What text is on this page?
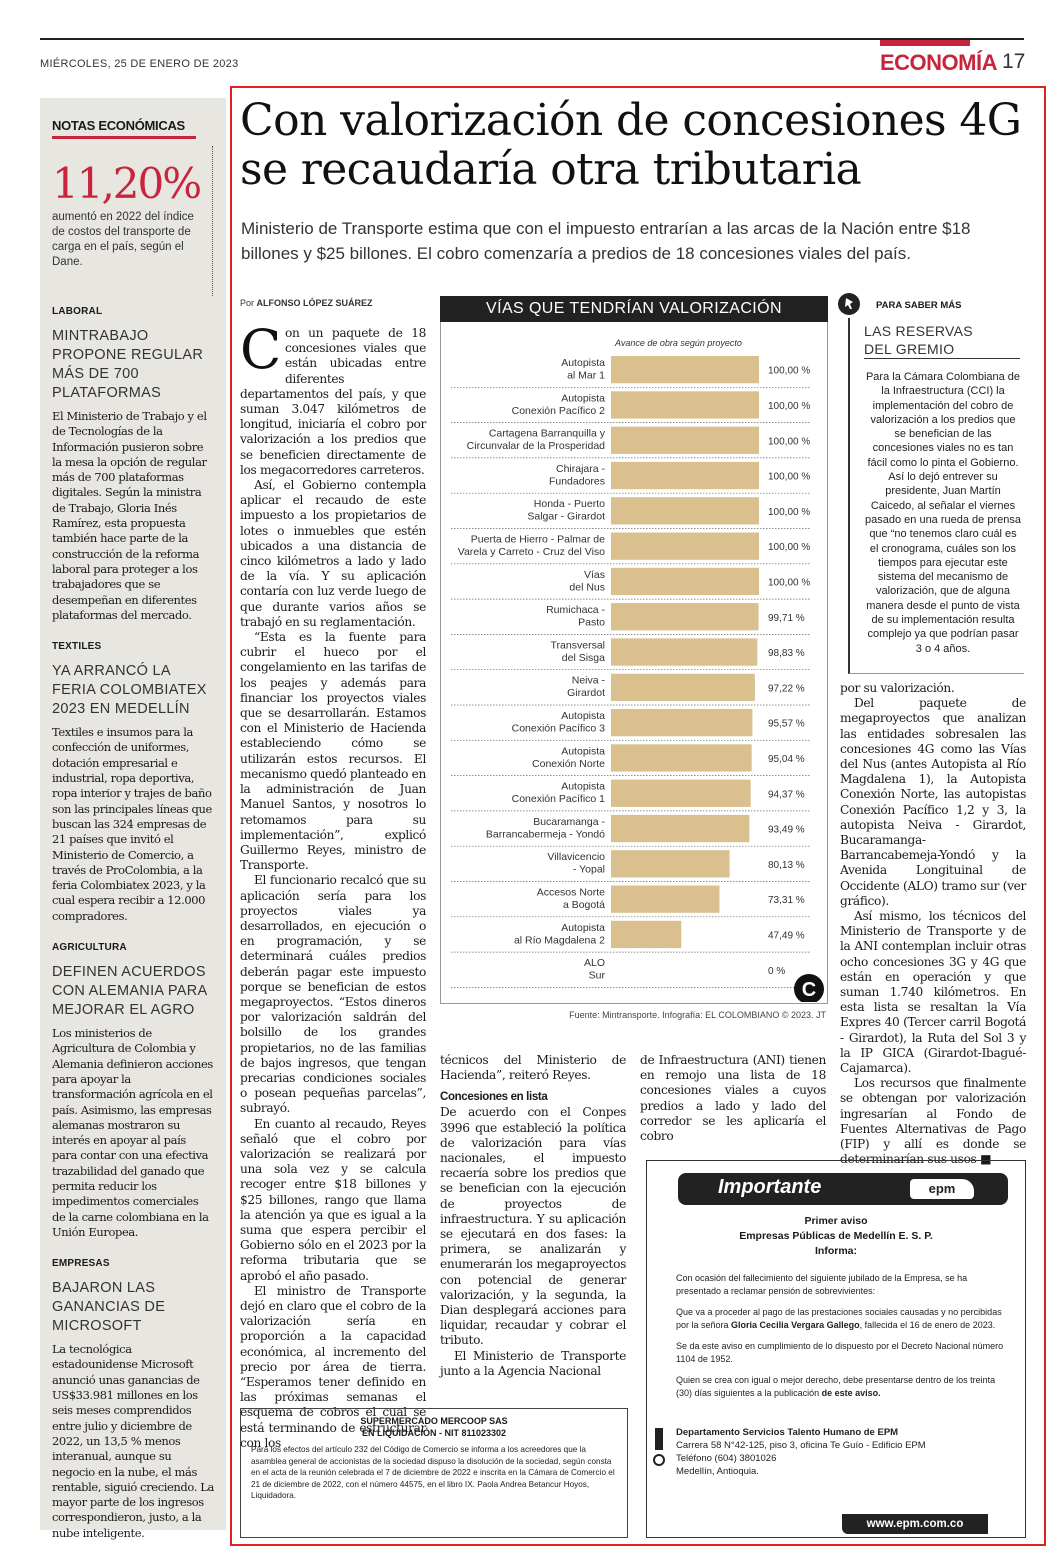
MIÉRCOLES, 25 DE ENERO DE 2023	ECONOMÍA 17
NOTAS ECONÓMICAS
11,20%
aumentó en 2022 del índice de costos del transporte de carga en el país, según el Dane.
LABORAL
MINTRABAJO PROPONE REGULAR MÁS DE 700 PLATAFORMAS
El Ministerio de Trabajo y el de Tecnologías de la Información pusieron sobre la mesa la opción de regular más de 700 plataformas digitales. Según la ministra de Trabajo, Gloria Inés Ramírez, esta propuesta también hace parte de la construcción de la reforma laboral para proteger a los trabajadores que se desempeñan en diferentes plataformas del mercado.
TEXTILES
YA ARRANCÓ LA FERIA COLOMBIATEX 2023 EN MEDELLÍN
Textiles e insumos para la confección de uniformes, dotación empresarial e industrial, ropa deportiva, ropa interior y trajes de baño son las principales líneas que buscan las 324 empresas de 21 países que invitó el Ministerio de Comercio, a través de ProColombia, a la feria Colombiatex 2023, y la cual espera recibir a 12.000 compradores.
AGRICULTURA
DEFINEN ACUERDOS CON ALEMANIA PARA MEJORAR EL AGRO
Los ministerios de Agricultura de Colombia y Alemania definieron acciones para apoyar la transformación agrícola en el país. Asimismo, las empresas alemanas mostraron su interés en apoyar al país para contar con una efectiva trazabilidad del ganado que permita reducir los impedimentos comerciales de la carne colombiana en la Unión Europea.
EMPRESAS
BAJARON LAS GANANCIAS DE MICROSOFT
La tecnológica estadounidense Microsoft anunció unas ganancias de US$33.981 millones en los seis meses comprendidos entre julio y diciembre de 2022, un 13,5 % menos interanual, aunque su negocio en la nube, el más rentable, siguió creciendo. La mayor parte de los ingresos correspondieron, justo, a la nube inteligente.
Con valorización de concesiones 4G se recaudaría otra tributaria
Ministerio de Transporte estima que con el impuesto entrarían a las arcas de la Nación entre $18 billones y $25 billones. El cobro comenzaría a predios de 18 concesiones viales del país.
Por ALFONSO LÓPEZ SUÁREZ

Con un paquete de 18 concesiones viales que están ubicadas entre diferentes departamentos del país, y que suman 3.047 kilómetros de longitud, iniciaría el cobro por valorización a los predios que se beneficien directamente de los megacorredores carreteros.

Así, el Gobierno contempla aplicar el recaudo de este impuesto a los propietarios de lotes o inmuebles que estén ubicados a una distancia de cinco kilómetros a lado y lado de la vía. Y su aplicación contaría con luz verde luego de que durante varios años se trabajó en su reglamentación.

“Esta es la fuente para cubrir el hueco por el congelamiento en las tarifas de los peajes y además para financiar los proyectos viales que se desarrollarán. Estamos con el Ministerio de Hacienda estableciendo cómo se utilizarán estos recursos. El mecanismo quedó planteado en la administración de Juan Manuel Santos, y nosotros lo retomamos para su implementación”, explicó Guillermo Reyes, ministro de Transporte.

El funcionario recalcó que su aplicación sería para los proyectos viales ya desarrollados, en ejecución o en programación, y se determinará cuáles predios deberán pagar este impuesto porque se benefician de estos megaproyectos. “Estos dineros por valorización saldrán del bolsillo de los grandes propietarios, no de las familias de bajos ingresos, que tengan precarias condiciones sociales o posean pequeñas parcelas”, subrayó.

En cuanto al recaudo, Reyes señaló que el cobro por valorización se realizará por una sola vez y se calcula recoger entre $18 billones y $25 billones, rango que llama la atención ya que es igual a la suma que espera percibir el Gobierno sólo en el 2023 por la reforma tributaria que se aprobó el año pasado.

El ministro de Transporte dejó en claro que el cobro de la valorización sería en proporción a la capacidad económica, al incremento del precio por área de tierra. “Esperamos tener definido en las próximas semanas el esquema de cobros el cual se está terminando de estructurar con los

técnicos del Ministerio de Hacienda”, reiteró Reyes.

Concesiones en lista

De acuerdo con el Conpes 3996 que estableció la política de valorización para vías nacionales, el impuesto recaería sobre los predios que se benefician con la ejecución de proyectos de infraestructura. Y su aplicación se ejecutará en dos fases: la primera, se analizarán y enumerarán los megaproyectos con potencial de generar valorización, y la segunda, la Dian desplegará acciones para liquidar, recaudar y cobrar el tributo.

El Ministerio de Transporte junto a la Agencia Nacional

de Infraestructura (ANI) tienen en remojo una lista de 18 concesiones viales a cuyos predios a lado y lado del corredor se les aplicaría el cobro

por su valorización.

Del paquete de megaproyectos que analizan las entidades sobresalen las concesiones 4G como las Vías del Nus (antes Autopista al Río Magdalena 1), la Autopista Conexión Norte, las autopistas Conexión Pacífico 1,2 y 3, la autopista Neiva - Girardot, Bucaramanga-Barrancabemeja-Yondó y la Avenida Longituinal de Occidente (ALO) tramo sur (ver gráfico).

Así mismo, los técnicos del Ministerio de Transporte y de la ANI contemplan incluir otras ocho concesiones 3G y 4G que están en operación y que suman 1.740 kilómetros. En esta lista se resaltan la Vía Expres 40 (Tercer carril Bogotá - Girardot), la Ruta del Sol 3 y la IP GICA (Girardot-Ibagué-Cajamarca).

Los recursos que finalmente se obtengan por valorización ingresarían al Fondo de Fuentes Alternativas de Pago (FIP) y allí es donde se determinarían sus usos ■

VÍAS QUE TENDRÍAN VALORIZACIÓN
Avance de obra según proyecto
Autopista
al Mar 1	100,00 %
Autopista
Conexión Pacífico 2	100,00 %
Cartagena Barranquilla y
Circunvalar de la Prosperidad	100,00 %
Chirajara -
Fundadores	100,00 %
Honda - Puerto
Salgar - Girardot	100,00 %
Puerta de Hierro - Palmar de
Varela y Carreto - Cruz del Viso	100,00 %
Vías
del Nus	100,00 %
Rumichaca -
Pasto	99,71 %
Transversal
del Sisga	98,83 %
Neiva -
Girardot	97,22 %
Autopista
Conexión Pacífico 3	95,57 %
Autopista
Conexión Norte	95,04 %
Autopista
Conexión Pacífico 1	94,37 %
Bucaramanga -
Barrancabermeja - Yondó	93,49 %
Villavicencio
- Yopal	80,13 %
Accesos Norte
a Bogotá	73,31 %
Autopista
al Río Magdalena 2	47,49 %
ALO
Sur	0 %
C
Fuente: Mintransporte. Infografía: EL COLOMBIANO © 2023. JT
PARA SABER MÁS
LAS RESERVAS DEL GREMIO
Para la Cámara Colombiana de la Infraestructura (CCI) la implementación del cobro de valorización a los predios que se benefician de las concesiones viales no es tan fácil como lo pinta el Gobierno. Así lo dejó entrever su presidente, Juan Martín Caicedo, al señalar el viernes pasado en una rueda de prensa que “no tenemos claro cuál es el cronograma, cuáles son los tiempos para ejecutar este sistema del mecanismo de valorización, que de alguna manera desde el punto de vista de su implementación resulta complejo ya que podrían pasar 3 o 4 años.
SUPERMERCADO MERCOOP SAS
EN LIQUIDACIÓN - NIT 811023302
Para los efectos del artículo 232 del Código de Comercio se informa a los acreedores que la asamblea general de accionistas de la sociedad dispuso la disolución de la sociedad, según consta en el acta de la reunión celebrada el 7 de diciembre de 2022 e inscrita en la Cámara de Comercio el 21 de diciembre de 2022, con el número 44575, en el libro IX. Paola Andrea Betancur Hoyos, Liquidadora.
Importante	epm
Primer aviso
Empresas Públicas de Medellín E. S. P.
Informa:

Con ocasión del fallecimiento del siguiente jubilado de la Empresa, se ha presentado a reclamar pensión de sobrevivientes:

Que va a proceder al pago de las prestaciones sociales causadas y no percibidas por la señora Gloria Cecilia Vergara Gallego, fallecida el 16 de enero de 2023.

Se da este aviso en cumplimiento de lo dispuesto por el Decreto Nacional número 1104 de 1952.

Quien se crea con igual o mejor derecho, debe presentarse dentro de los treinta (30) días siguientes a la publicación de este aviso.

Departamento Servicios Talento Humano de EPM
Carrera 58 N°42-125, piso 3, oficina Te Guío - Edificio EPM
Teléfono (604) 3801026
Medellín, Antioquia.
www.epm.com.co
